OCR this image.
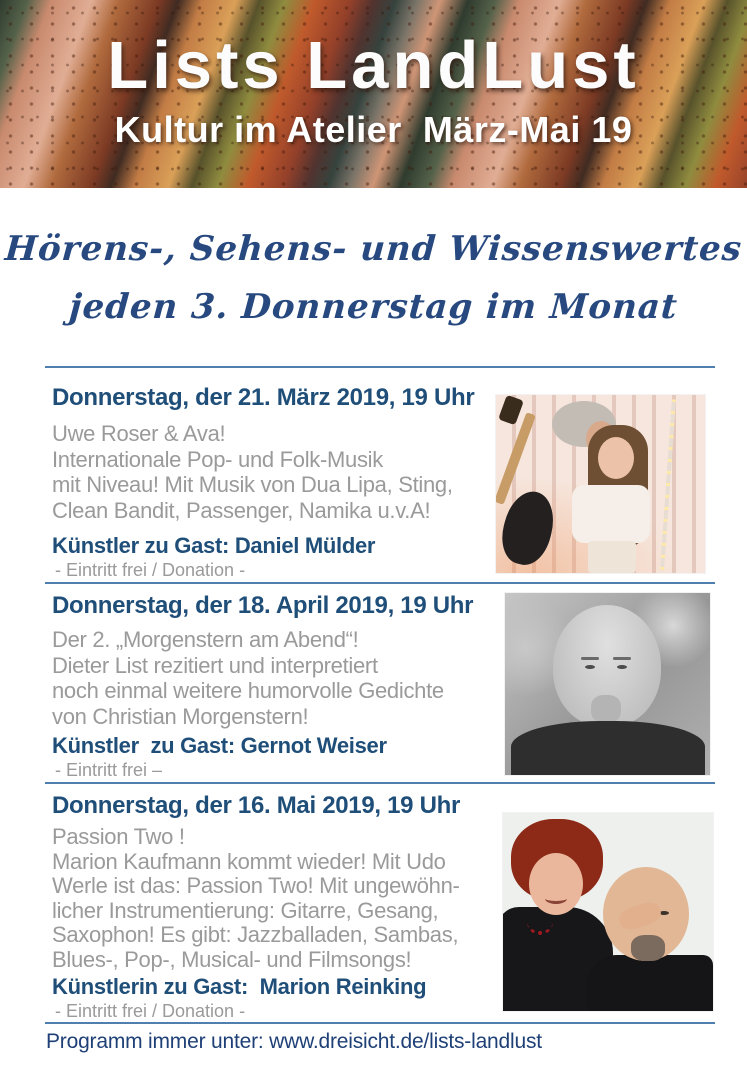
Lists LandLust
Kultur im Atelier  März-Mai 19
Hörens-, Sehens- und Wissenswertes
jeden 3. Donnerstag im Monat
Donnerstag, der 21. März 2019, 19 Uhr
Uwe Roser & Ava!
Internationale Pop- und Folk-Musik
mit Niveau! Mit Musik von Dua Lipa, Sting,
Clean Bandit, Passenger, Namika u.v.A!
Künstler zu Gast: Daniel Mülder
- Eintritt frei / Donation -
Donnerstag, der 18. April 2019, 19 Uhr
Der 2. „Morgenstern am Abend“!
Dieter List rezitiert und interpretiert
noch einmal weitere humorvolle Gedichte
von Christian Morgenstern!
Künstler  zu Gast: Gernot Weiser
- Eintritt frei –
Donnerstag, der 16. Mai 2019, 19 Uhr
Passion Two !
Marion Kaufmann kommt wieder! Mit Udo
Werle ist das: Passion Two! Mit ungewöhn-
licher Instrumentierung: Gitarre, Gesang,
Saxophon! Es gibt: Jazzballaden, Sambas,
Blues-, Pop-, Musical- und Filmsongs!
Künstlerin zu Gast:  Marion Reinking
- Eintritt frei / Donation -
Programm immer unter: www.dreisicht.de/lists-landlust
